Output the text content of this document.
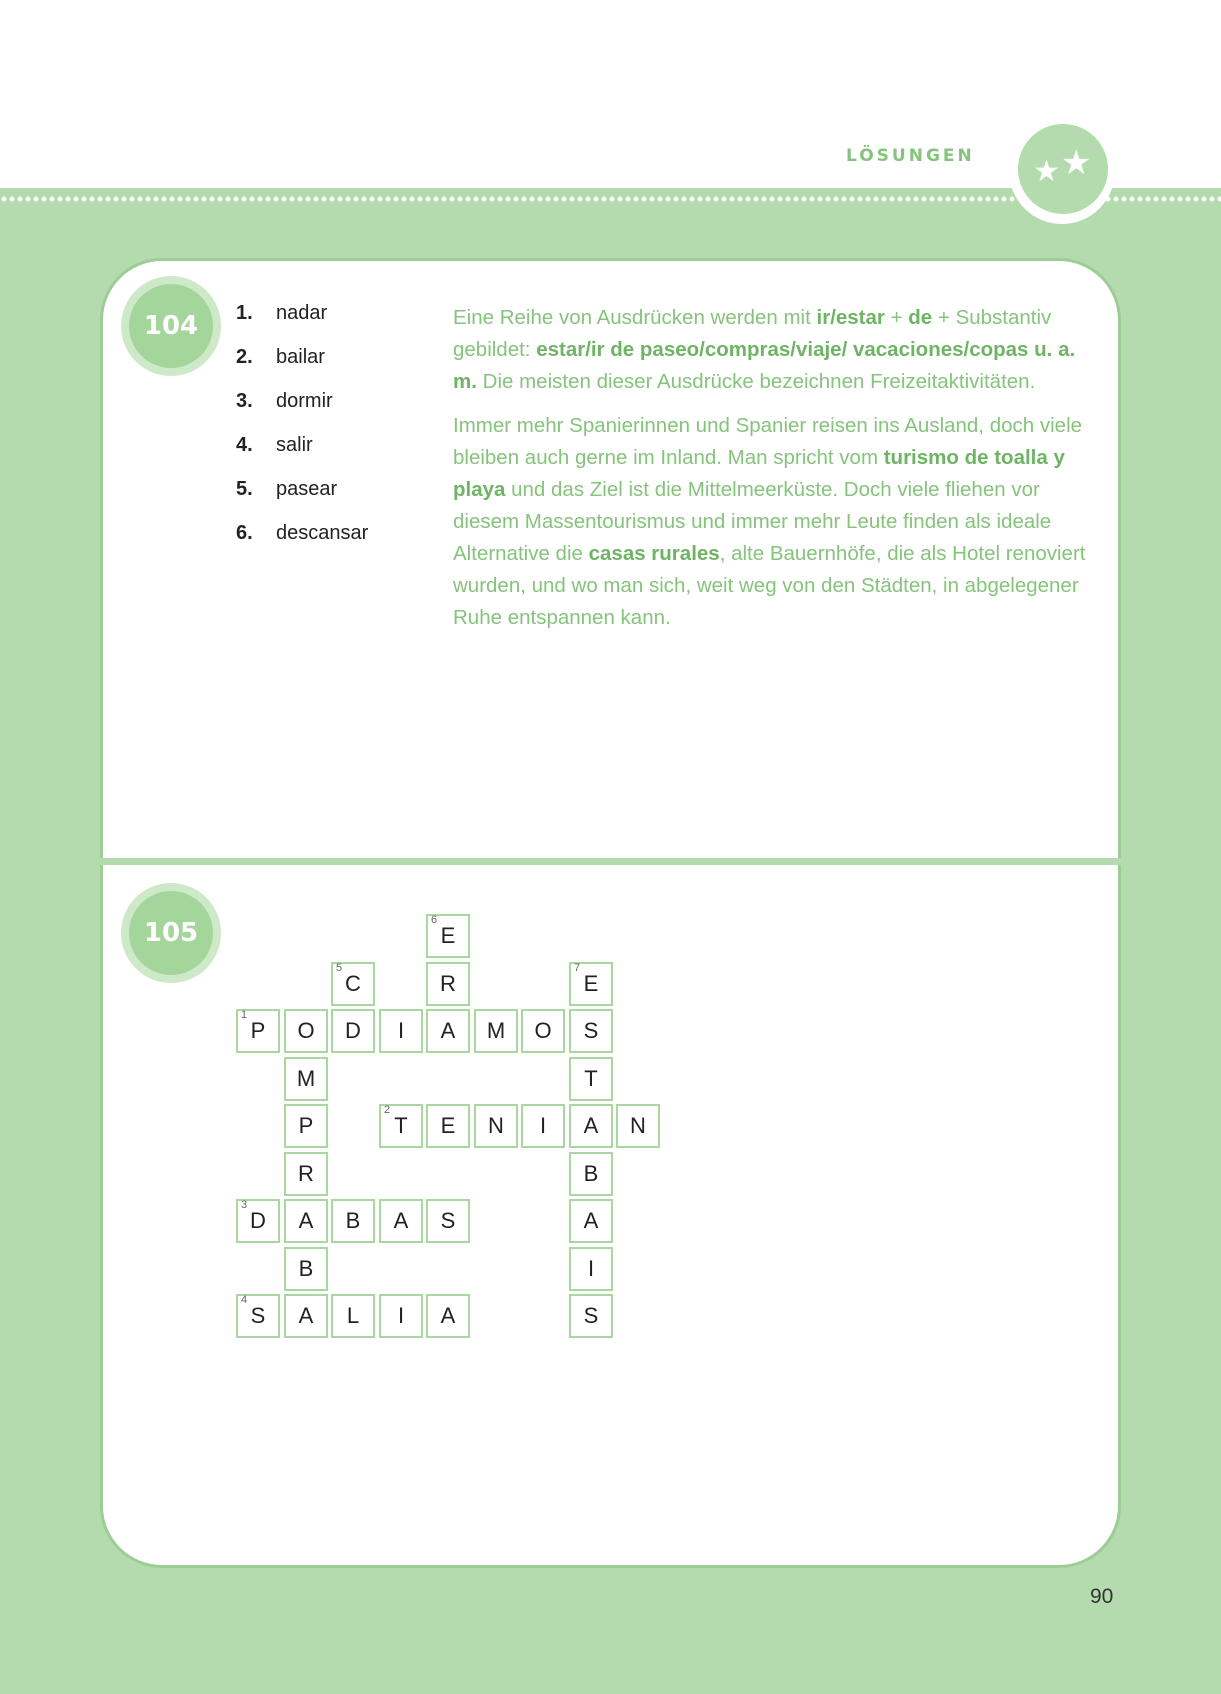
LÖSUNGEN ★ ★
104	1.	nadar
2.	bailar
3.	dormir
4.	salir
5.	pasear
6.	descansar

Eine Reihe von Ausdrücken werden mit ir/estar + de + Substantiv gebildet: estar/ir de paseo/compras/viaje/ vacaciones/copas u. a. m. Die meisten dieser Ausdrücke bezeichnen Freizeitaktivitäten.

Immer mehr Spanierinnen und Spanier reisen ins Ausland, doch viele bleiben auch gerne im Inland. Man spricht vom turismo de toalla y playa und das Ziel ist die Mittelmeerküste. Doch viele fliehen vor diesem Massentourismus und immer mehr Leute finden als ideale Alternative die casas rurales, alte Bauernhöfe, die als Hotel renoviert wurden, und wo man sich, weit weg von den Städten, in abgelegener Ruhe entspannen kann.

105
90
E
6
C
5
R	E
7
P
1
O	D	I	A	M	O	S
M	T
P	T
2
E	N	I	A	N
R	B
D
3
A	B	A	S	A
B	I
S
4
A	L	I	A	S
